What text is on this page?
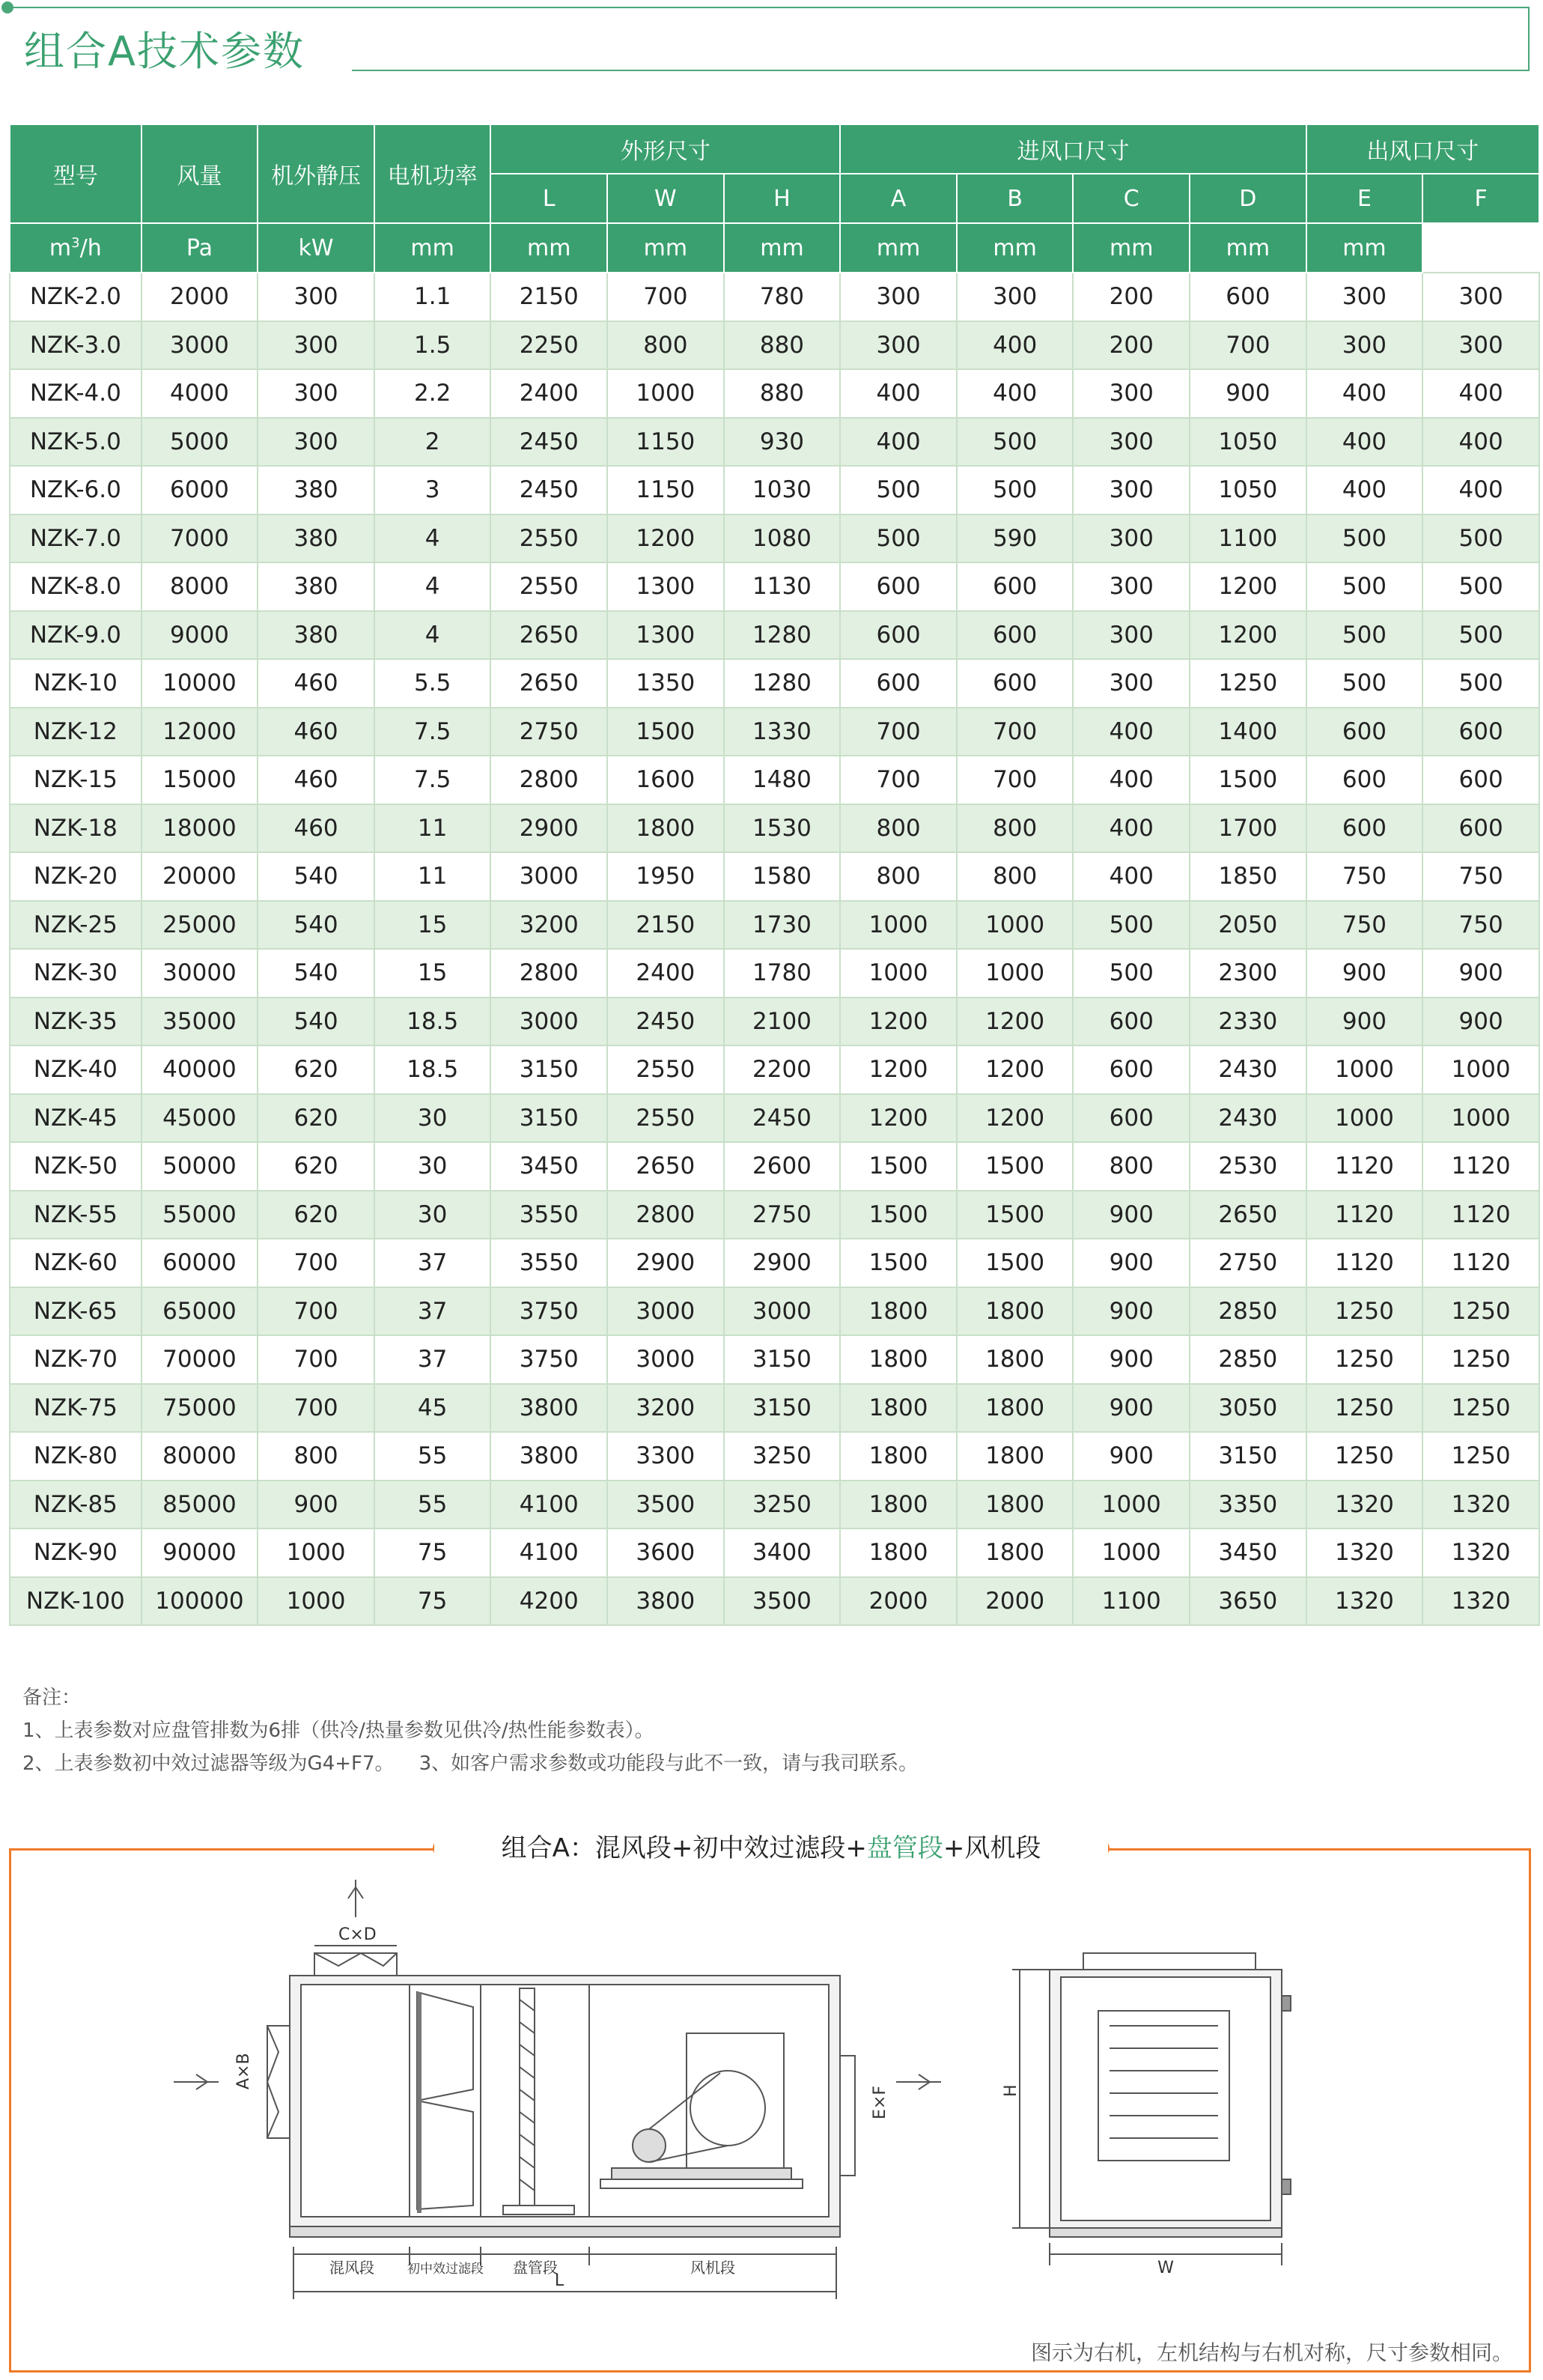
组合A技术参数
型号	风量	机外静压	电机功率	外形尺寸			进风口尺寸				出风口尺寸	
				L	W	H	A	B	C	D	E	F
$m^3/h$	Pa	kW	mm	mm	mm	mm	mm	mm	mm	mm	mm	
NZK-2.0	2000	300	1.1	2150	700	780	300	300	200	600	300	300
NZK-3.0	3000	300	1.5	2250	800	880	300	400	200	700	300	300
NZK-4.0	4000	300	2.2	2400	1000	880	400	400	300	900	400	400
NZK-5.0	5000	300	2	2450	1150	930	400	500	300	1050	400	400
NZK-6.0	6000	380	3	2450	1150	1030	500	500	300	1050	400	400
NZK-7.0	7000	380	4	2550	1200	1080	500	590	300	1100	500	500
NZK-8.0	8000	380	4	2550	1300	1130	600	600	300	1200	500	500
NZK-9.0	9000	380	4	2650	1300	1280	600	600	300	1200	500	500
NZK-10	10000	460	5.5	2650	1350	1280	600	600	300	1250	500	500
NZK-12	12000	460	7.5	2750	1500	1330	700	700	400	1400	600	600
NZK-15	15000	460	7.5	2800	1600	1480	700	700	400	1500	600	600
NZK-18	18000	460	11	2900	1800	1530	800	800	400	1700	600	600
NZK-20	20000	540	11	3000	1950	1580	800	800	400	1850	750	750
NZK-25	25000	540	15	3200	2150	1730	1000	1000	500	2050	750	750
NZK-30	30000	540	15	2800	2400	1780	1000	1000	500	2300	900	900
NZK-35	35000	540	18.5	3000	2450	2100	1200	1200	600	2330	900	900
NZK-40	40000	620	18.5	3150	2550	2200	1200	1200	600	2430	1000	1000
NZK-45	45000	620	30	3150	2550	2450	1200	1200	600	2430	1000	1000
NZK-50	50000	620	30	3450	2650	2600	1500	1500	800	2530	1120	1120
NZK-55	55000	620	30	3550	2800	2750	1500	1500	900	2650	1120	1120
NZK-60	60000	700	37	3550	2900	2900	1500	1500	900	2750	1120	1120
NZK-65	65000	700	37	3750	3000	3000	1800	1800	900	2850	1250	1250
NZK-70	70000	700	37	3750	3000	3150	1800	1800	900	2850	1250	1250
NZK-75	75000	700	45	3800	3200	3150	1800	1800	900	3050	1250	1250
NZK-80	80000	800	55	3800	3300	3250	1800	1800	900	3150	1250	1250
NZK-85	85000	900	55	4100	3500	3250	1800	1800	1000	3350	1320	1320
NZK-90	90000	1000	75	4100	3600	3400	1800	1800	1000	3450	1320	1320
NZK-100	100000	1000	75	4200	3800	3500	2000	2000	1100	3650	1320	1320
备注：
1、上表参数对应盘管排数为6排（供冷/热量参数见供冷/热性能参数表）。
2、上表参数初中效过滤器等级为G4+F7。    3、如客户需求参数或功能段与此不一致，请与我司联系。
组合A：混风段+初中效过滤段+盘管段+风机段
C×D
A×B
E×F
混风段	初中效过滤段 盘管段	风机段
L
H
W
图示为右机，左机结构与右机对称，尺寸参数相同。
